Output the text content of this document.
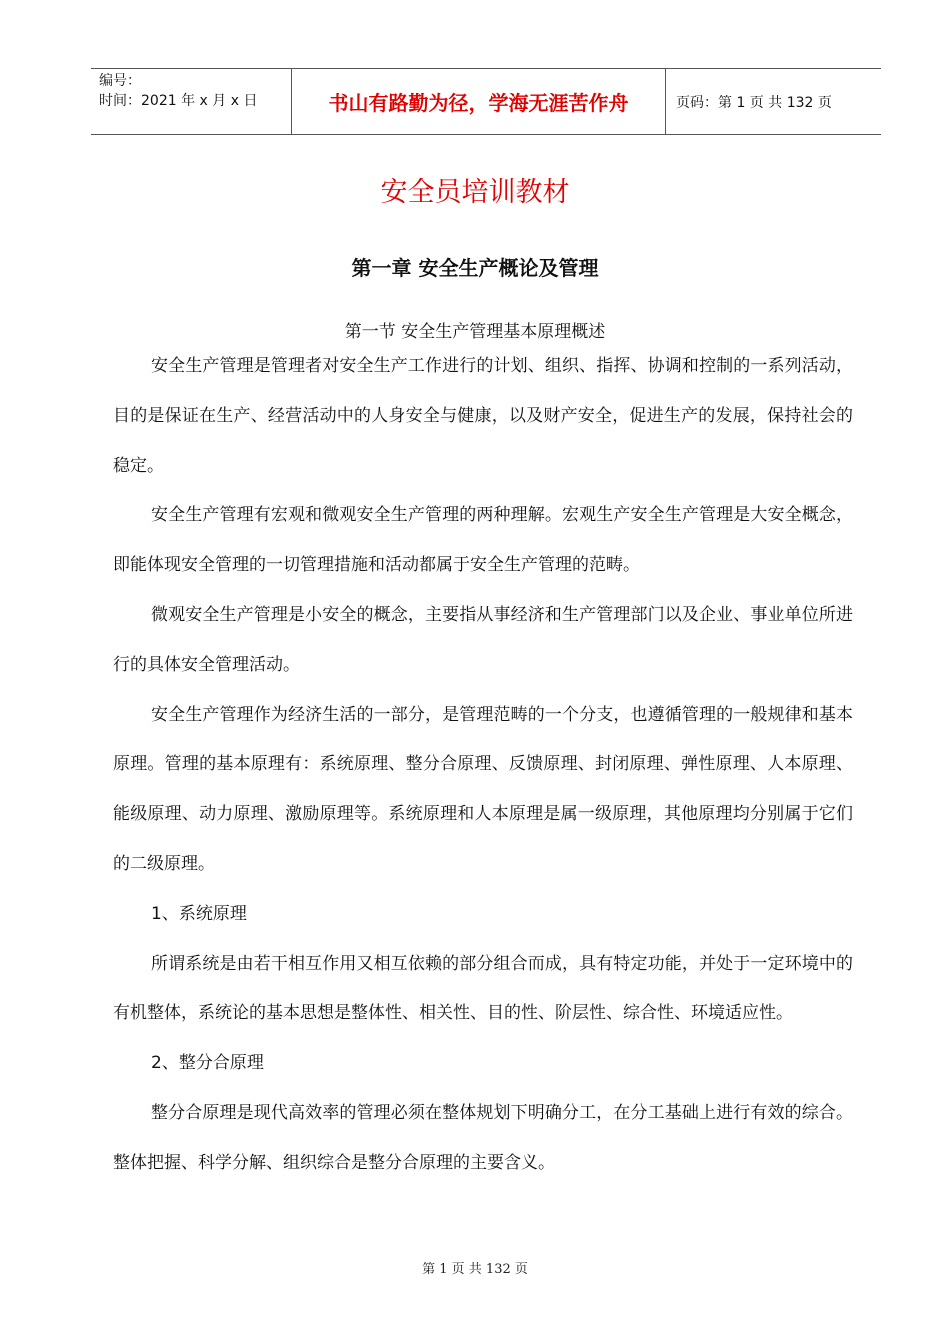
编号：
时间：2021 年 x 月 x 日	书山有路勤为径，学海无涯苦作舟	页码：第 1 页 共 132 页
安全员培训教材
第一章 安全生产概论及管理
第一节 安全生产管理基本原理概述

安全生产管理是管理者对安全生产工作进行的计划、组织、指挥、协调和控制的一系列活动，目的是保证在生产、经营活动中的人身安全与健康，以及财产安全，促进生产的发展，保持社会的稳定。

安全生产管理有宏观和微观安全生产管理的两种理解。宏观生产安全生产管理是大安全概念，即能体现安全管理的一切管理措施和活动都属于安全生产管理的范畴。

微观安全生产管理是小安全的概念，主要指从事经济和生产管理部门以及企业、事业单位所进行的具体安全管理活动。

安全生产管理作为经济生活的一部分，是管理范畴的一个分支，也遵循管理的一般规律和基本原理。管理的基本原理有：系统原理、整分合原理、反馈原理、封闭原理、弹性原理、人本原理、能级原理、动力原理、激励原理等。系统原理和人本原理是属一级原理，其他原理均分别属于它们的二级原理。

1、系统原理

所谓系统是由若干相互作用又相互依赖的部分组合而成，具有特定功能，并处于一定环境中的有机整体，系统论的基本思想是整体性、相关性、目的性、阶层性、综合性、环境适应性。

2、整分合原理

整分合原理是现代高效率的管理必须在整体规划下明确分工，在分工基础上进行有效的综合。整体把握、科学分解、组织综合是整分合原理的主要含义。

第 1 页 共 132 页
